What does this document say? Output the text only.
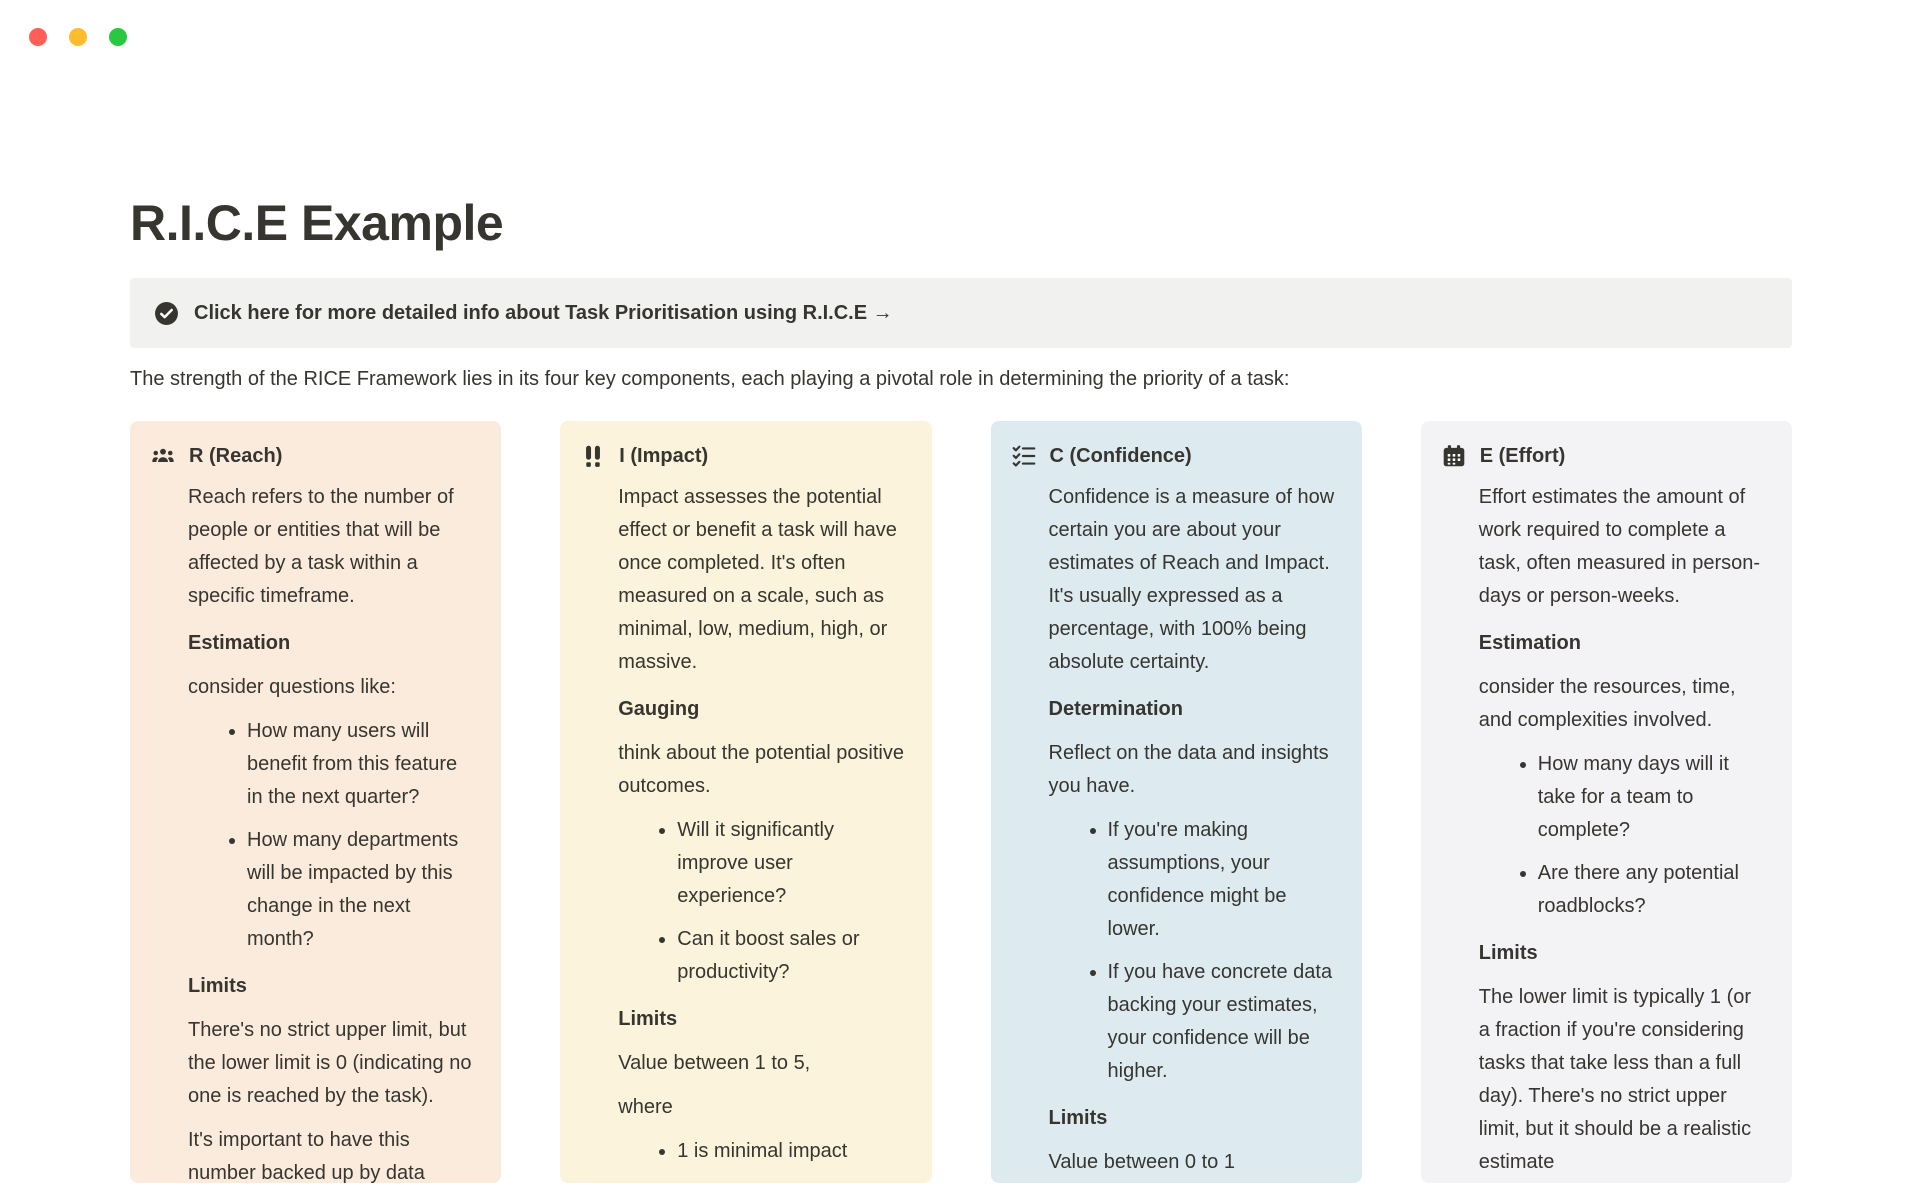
R.I.C.E Example
Click here for more detailed info about Task Prioritisation using R.I.C.E →

The strength of the RICE Framework lies in its four key components, each playing a pivotal role in determining the priority of a task:

R (Reach)

Reach refers to the number of people or entities that will be affected by a task within a specific timeframe.

Estimation

consider questions like:

• How many users will benefit from this feature in the next quarter?
• How many departments will be impacted by this change in the next month?
Limits

There's no strict upper limit, but the lower limit is 0 (indicating no one is reached by the task).

It's important to have this number backed up by data

I (Impact)

Impact assesses the potential effect or benefit a task will have once completed. It's often measured on a scale, such as minimal, low, medium, high, or massive.

Gauging

think about the potential positive outcomes.

• Will it significantly improve user experience?
• Can it boost sales or productivity?
Limits

Value between 1 to 5,

where

• 1 is minimal impact
C (Confidence)

Confidence is a measure of how certain you are about your estimates of Reach and Impact. It's usually expressed as a percentage, with 100% being absolute certainty.

Determination

Reflect on the data and insights you have.

• If you're making assumptions, your confidence might be lower.
• If you have concrete data backing your estimates, your confidence will be higher.
Limits

Value between 0 to 1

E (Effort)

Effort estimates the amount of work required to complete a task, often measured in person-days or person-weeks.

Estimation

consider the resources, time, and complexities involved.

• How many days will it take for a team to complete?
• Are there any potential roadblocks?
Limits

The lower limit is typically 1 (or a fraction if you're considering tasks that take less than a full day). There's no strict upper limit, but it should be a realistic estimate
